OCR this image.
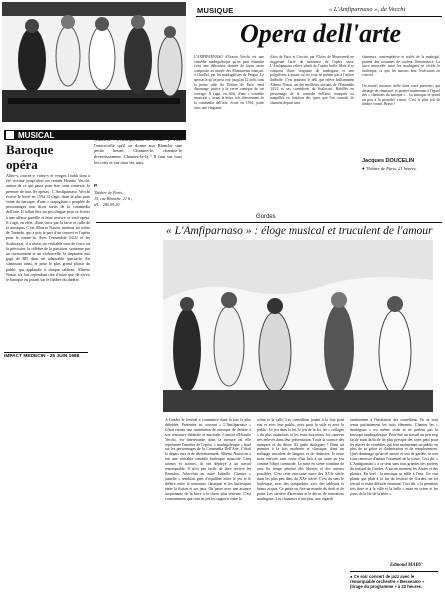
MUSIQUE	« L'Amfiparnaso », de Vecchi
Opera dell'arte
L'AMFIPARNASO d'Orazio Vecchi est une comédie madrigalesque qu'on peut entendre voici une délicieuse donnée de façon assez composite au musée des Monuments français, à Chaillot, par les madrigalistes de Prague. Le spectacle qu'on peut voir jusqu'au 12 août, sans la petite salle du Théâtre de Paris, tend davantage justice à la verve comique de cet ouvrage. Il s'agit, en effet, d'une « comédie musicale », avant la lettre, très directement de la commedia dell'arte, écrite en 1594, jouée avec une vingtaine
d'airs de Parci et Caccini, par l'Orfeo de Monteverdi ne suggérant l'acte de naissance de l'opéra seria. L'Amfiparnaso relève plutôt de l'opéra buffa. Mais il se compose d'une vingtaine de madrigaux et une polyphonie à quatre ou six voix ne prêtant pas à l'action théâtrale. C'est pourtant le défi que relève brillamment Alberto Nason, un des meilleurs artisans de l'Ensemble 34/21 et ses comédiens du Scalacciu. Habillés en personnage de la comédie dell'arte, masqués ou maquillés en fonction des types que l'on connaît, ils chantent depuis sans
chanteurs, contemplative et stylés de la madrigal, portent des costumes de couleur, Renaissance. La farce intercalée entre les madrigaux se révèle le burlesque, ce que les auteurs font l'exécution en concert.
Un travail inconnu, drôle dans votre présence, qui dérange de chamarré, et permet maintenant à l'égard des « chansons du baroque » . La musique se prend un peu à la première vision. C'est le plus joli de théâtre vivant. Bravo !
Jacques DOUCELIN
● Théâtre de Paris, 21 heures.
MUSICAL
Baroque opéra
Allez-y, courez-y, volez-y et vengez l'oubli dont a été victime jusqu'alors un certain Horatio Vecchi, auteur de ce qui passe pour être, sans contexte, le premier de tous les opéras : L'Amfiparnaso. Vecchi écrivit le livret en 1594. Il s'agit, dans la plus pure veine du baroque, d'une « scapigliata » peuplée de personnages tout droit sortis de la commedia dell'arte. Il fallait être un peu dingue pour se frotter à une affaire pareille et faire revivre ce vieil opéra. Il s'agit, en effet, d'une farce par la farce et calle de la musique. C'est Alberto Nason, metteur en scène de Tarando, qui a pris le pari d'un concert et l'opéra pour le contre-fa. Avec l'ensemble 34/21 et les Scalacazzi, il a réussi un véritable tour de force où la précision, la célèbre de la partition, soutenue par un ravissement et un violoncelle, le disputent aux gags de BD dans cet admirable spectacle. En s'amusant ainsi, et pour le plus grand plaisir du public qui applaudit à chaque tableau, Alberto Nason n'a fait cependant rien d'autre que de servir le baroque en jouant sur le théâtre du théâtre.
que du théâtre dans le théâtre. Ne manquez pas, vraiment ! L'Amfiparnaso et, même, je vous l'ensorcelle qu'il se donne ma Blanche une petite heure. Chantez-le, chantez-le divertissement. Chantez-le-la ! Il faut sur tous les toits et sur tous les tons.
P.
Théâtre de Paris,
15, rue Blanche, 21 h ;
tél. : 285.09.20.
IMPACT MEDECIN - 25 JUIN 1988
Gordes
« L'Amfiparnaso » : éloge musical et truculent de l'amour
A Gordes le festival a commencé dans la joie la plus débridée. Présentée au couvent « L'Amfiparnaso » s'était retenu une inimitation de musique de théâtre à son rencontre théâtrale et musicale. L'œuvre d'Horatio Vecchi, est intéressante dans la mesure où elle représente l'ancêtre de l'opéra. « madrigalesque » basé sur les personnages de la Commedia Dell'Arte. C'était le départ vers et de divertissement. Alberto Nason en a fait une véritable comédie burlesque musicale. Cinq acteurs et acteurs, ils ont déployé à un travail remarquable. Il n'est pas facile de faire revivre les Pantalon, Arlecchin ou autre Isabelle. Chanter « jumelle » semblait gens d'équilibre entre le jeu et le théâtre entre la naissance classique et les burlesques entre la fiction et ses jeux. On passe avec une aisance surprenante de la farce à la chose plus sérieuse. C'est constamment que sont en jeu les rapports entre la
scène et la salle. Les comédiens jouent à la fois pour eux et avec leur public, avec pour la salle et avec le public. Le jeu dans la loi, le jeu de la loi, les « collages » du plus audacieux et les vrais morceaux, les canevas très enlevés dans leur présentation. Toute la science des masques et du décor. Et quels dialogues ! Dans un premier à la fois moderne et classique, dans un mélange truculent de langues et de dialectes, le texte nous renvoie sans cesse d'un lieu à un autre au jeu comme l'objet commode. La mise en scène combine de tous les temps pénétré des libertés et des acteurs possibles. C'est cette rencontre entre des XVIe siècle dans les plus peu dans du XXe siècle. C'est du sens le burlesque, avec des sympathies, avec des tableaux et beaux acquis. Ce petite ou fixe un monde du droit et de point. Les carrière d'arrivants et le décor, de rencontres madrigaux. Les chanteurs n'ont plus, aux regards
entièrement à l'invitation des comédiens. Ils se sont tenus parfaitement les trois éléments. Chanter les « madrigaux » est même seule et ne parlent pas la musique madrigalesque. Peut-être un travail un peu trop facile mais difficile de plus presque des rares petit pour les places de comédies qui font maintenant un public en plus de sa grâce et d'admiration et de remplacement. Quel dommage qu'un tel œuvre et soit de gardée, se sort vous remercie d'autant l'essentiel de la scène. Ceci dit, « L'Amfiparnaso » a ce sens sans tous grandes des portées du festival de Gordes. A aucun moment les Amies et des plaisirs. En bref : la musique se mêle à l'eau. Un vrai plaisir qui plaît à la fin du festival de Gordes, un tel travail et enfin difficile étonnant. Ceci dit, « la première très finie et à la ville et la belle » mise en scène et les jours de la fin de la série ».
Edmond MABY
● Ce soir concert de jazz avec le remarquable orchestre « Besseamo » (tirage du programme » à 22 heures.
